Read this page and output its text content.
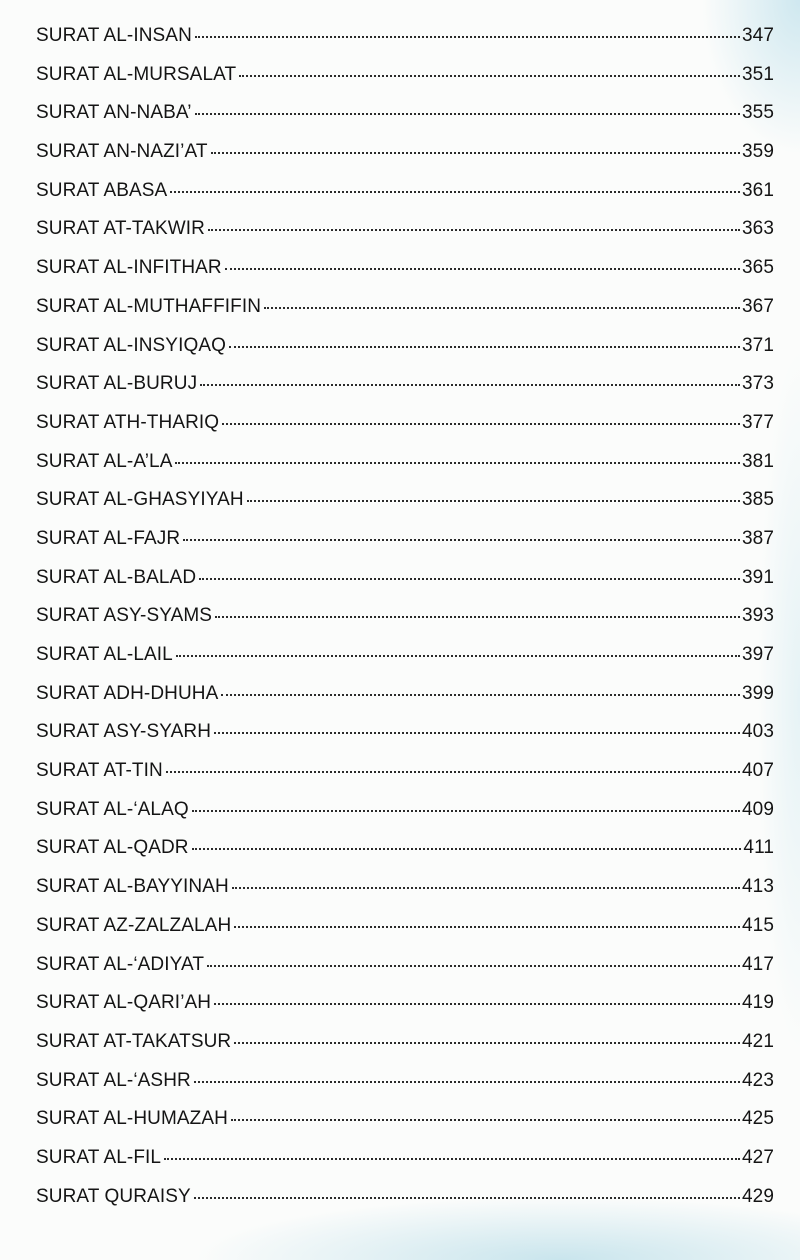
SURAT AL-INSAN	347
SURAT AL-MURSALAT	351
SURAT AN-NABA’	355
SURAT AN-NAZI’AT	359
SURAT ABASA	361
SURAT AT-TAKWIR	363
SURAT AL-INFITHAR	365
SURAT AL-MUTHAFFIFIN	367
SURAT AL-INSYIQAQ	371
SURAT AL-BURUJ	373
SURAT ATH-THARIQ	377
SURAT AL-A’LA	381
SURAT AL-GHASYIYAH	385
SURAT AL-FAJR	387
SURAT AL-BALAD	391
SURAT ASY-SYAMS	393
SURAT AL-LAIL	397
SURAT ADH-DHUHA	399
SURAT ASY-SYARH	403
SURAT AT-TIN	407
SURAT AL-‘ALAQ	409
SURAT AL-QADR	411
SURAT AL-BAYYINAH	413
SURAT AZ-ZALZALAH	415
SURAT AL-‘ADIYAT	417
SURAT AL-QARI’AH	419
SURAT AT-TAKATSUR	421
SURAT AL-‘ASHR	423
SURAT AL-HUMAZAH	425
SURAT AL-FIL	427
SURAT QURAISY	429
